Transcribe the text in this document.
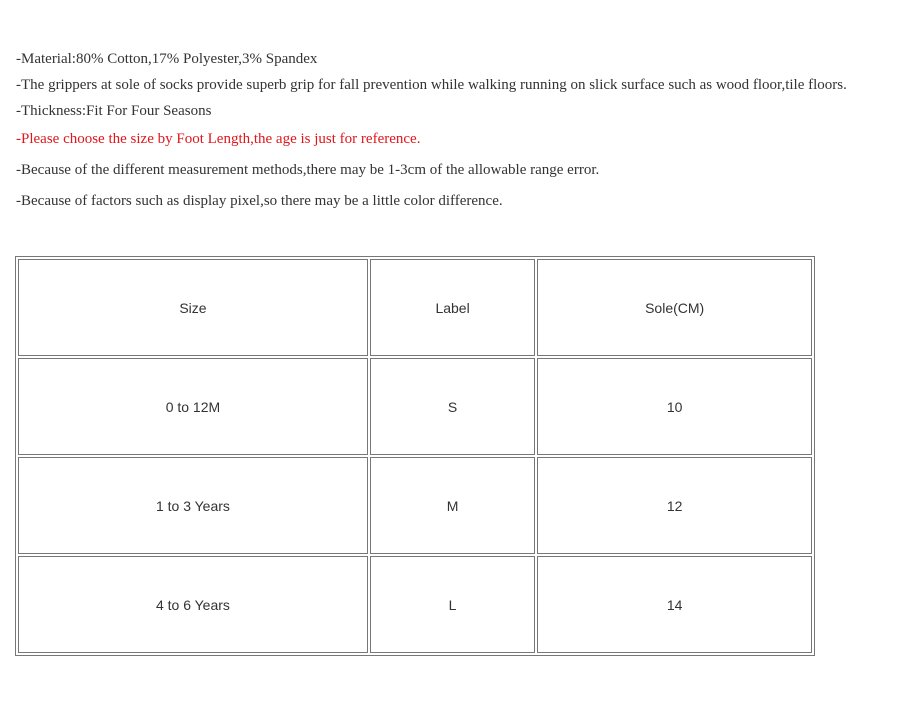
-Material:80% Cotton,17% Polyester,3% Spandex
-The grippers at sole of socks provide superb grip for fall prevention while walking running on slick surface such as wood floor,tile floors.
-Thickness:Fit For Four Seasons
-Please choose the size by Foot Length,the age is just for reference.
-Because of the different measurement methods,there may be 1-3cm of the allowable range error.
-Because of factors such as display pixel,so there may be a little color difference.
Size	Label	Sole(CM)
0 to 12M	S	10
1 to 3 Years	M	12
4 to 6 Years	L	14
